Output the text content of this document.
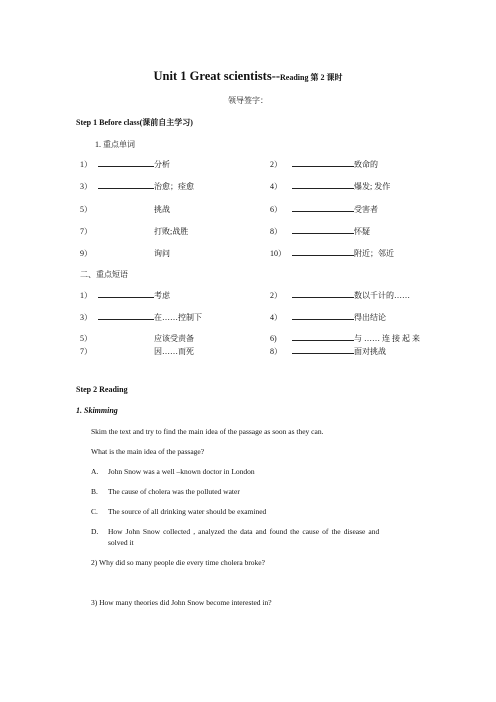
Unit 1 Great scientists--Reading 第 2 课时
领导签字：
Step 1 Before class(课前自主学习)
1. 重点单词
1）	分析	2）	致命的
3）	治愈；痊愈	4）	爆发; 发作
5）	挑战	6）	受害者
7）	打败;战胜	8）	怀疑
9）	询问	10）	附近；邻近
二、重点短语
1）	考虑	2）	数以千计的……
3）	在……控制下	4）	得出结论
5）	应该受责备	6)	与 …… 连 接 起 来
7）	因……而死	8）	面对挑战
Step 2 Reading
1. Skimming
Skim the text and try to find the main idea of the passage as soon as they can.
What is the main idea of the passage?
A. John Snow was a well –known doctor in London
B. The cause of cholera was the polluted water
C. The source of all drinking water should be examined
D. How John Snow collected , analyzed the data and found the cause of the disease and
solved it
2) Why did so many people die every time cholera broke?
3) How many theories did John Snow become interested in?
